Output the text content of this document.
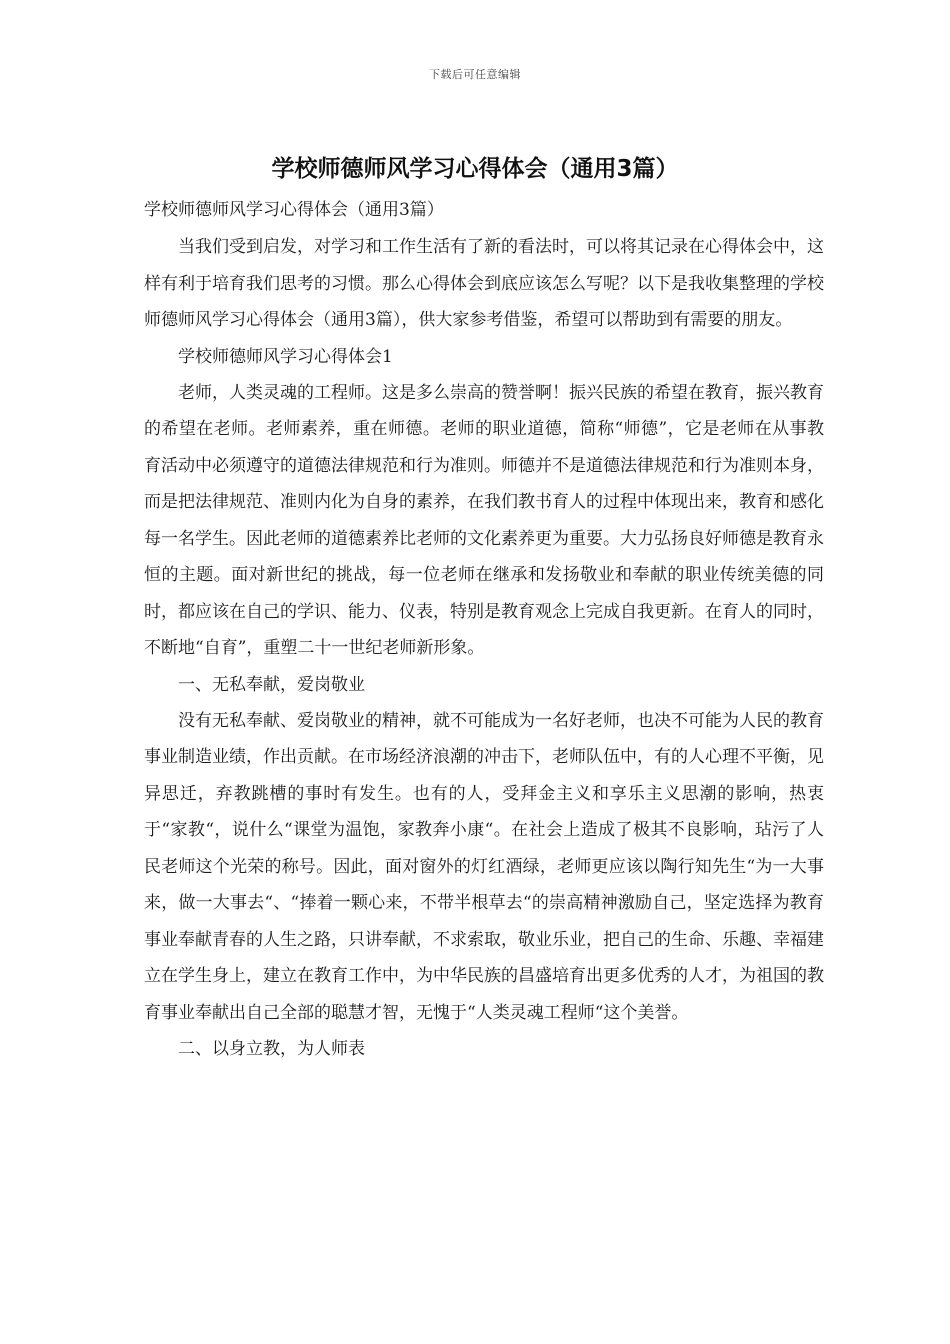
下载后可任意编辑
学校师德师风学习心得体会（通用3篇）

学校师德师风学习心得体会（通用3篇）

当我们受到启发，对学习和工作生活有了新的看法时，可以将其记录在心得体会中，这样有利于培育我们思考的习惯。那么心得体会到底应该怎么写呢？以下是我收集整理的学校师德师风学习心得体会（通用3篇），供大家参考借鉴，希望可以帮助到有需要的朋友。

学校师德师风学习心得体会1

老师，人类灵魂的工程师。这是多么崇高的赞誉啊！振兴民族的希望在教育，振兴教育的希望在老师。老师素养，重在师德。老师的职业道德，简称“师德”，它是老师在从事教育活动中必须遵守的道德法律规范和行为准则。师德并不是道德法律规范和行为准则本身，而是把法律规范、准则内化为自身的素养，在我们教书育人的过程中体现出来，教育和感化每一名学生。因此老师的道德素养比老师的文化素养更为重要。大力弘扬良好师德是教育永恒的主题。面对新世纪的挑战，每一位老师在继承和发扬敬业和奉献的职业传统美德的同时，都应该在自己的学识、能力、仪表，特别是教育观念上完成自我更新。在育人的同时，不断地“自育”，重塑二十一世纪老师新形象。

一、无私奉献，爱岗敬业

没有无私奉献、爱岗敬业的精神，就不可能成为一名好老师，也决不可能为人民的教育事业制造业绩，作出贡献。在市场经济浪潮的冲击下，老师队伍中，有的人心理不平衡，见异思迁，弃教跳槽的事时有发生。也有的人，受拜金主义和享乐主义思潮的影响，热衷于“家教“，说什么“课堂为温饱，家教奔小康“。在社会上造成了极其不良影响，玷污了人民老师这个光荣的称号。因此，面对窗外的灯红酒绿，老师更应该以陶行知先生“为一大事来，做一大事去“、“捧着一颗心来，不带半根草去“的崇高精神激励自己，坚定选择为教育事业奉献青春的人生之路，只讲奉献，不求索取，敬业乐业，把自己的生命、乐趣、幸福建立在学生身上，建立在教育工作中，为中华民族的昌盛培育出更多优秀的人才，为祖国的教育事业奉献出自己全部的聪慧才智，无愧于“人类灵魂工程师“这个美誉。

二、以身立教，为人师表
